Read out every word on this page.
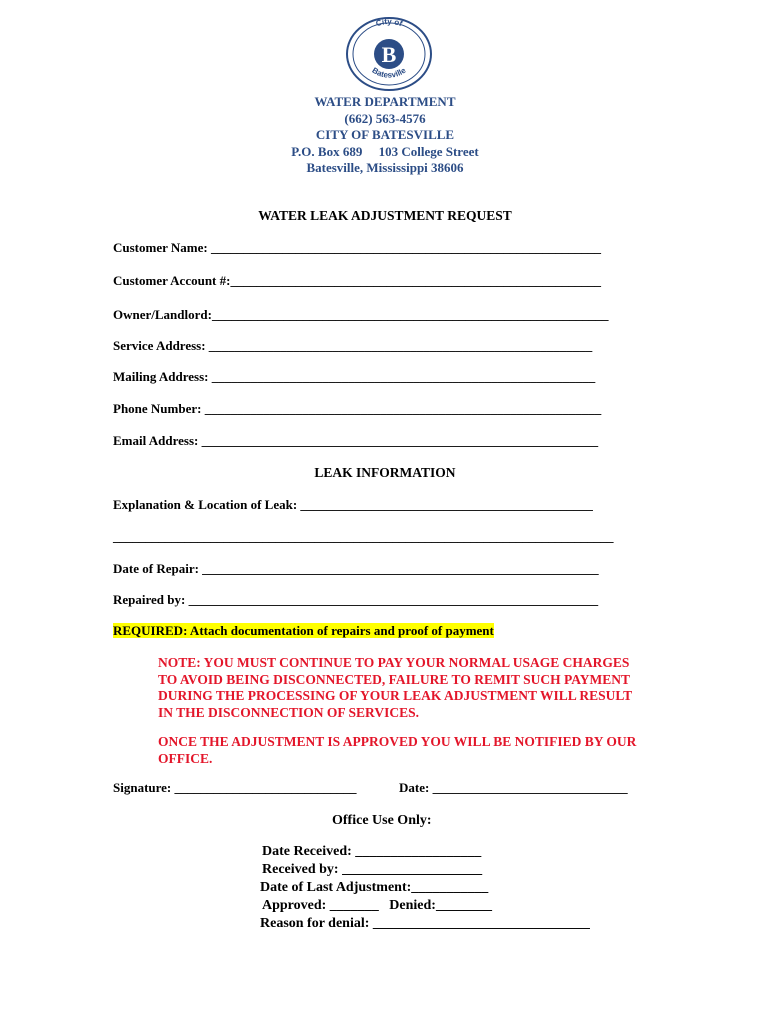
B
City of
Batesville
WATER DEPARTMENT
(662) 563-4576
CITY OF BATESVILLE
P.O. Box 689     103 College Street
Batesville, Mississippi 38606
WATER LEAK ADJUSTMENT REQUEST
Customer Name: ____________________________________________________________
Customer Account #:_________________________________________________________
Owner/Landlord:_____________________________________________________________
Service Address: ___________________________________________________________
Mailing Address: ___________________________________________________________
Phone Number: _____________________________________________________________
Email Address: _____________________________________________________________
LEAK INFORMATION
Explanation & Location of Leak: _____________________________________________
_____________________________________________________________________________
Date of Repair: _____________________________________________________________
Repaired by: _______________________________________________________________
REQUIRED: Attach documentation of repairs and proof of payment
NOTE: YOU MUST CONTINUE TO PAY YOUR NORMAL USAGE CHARGES
TO AVOID BEING DISCONNECTED, FAILURE TO REMIT SUCH PAYMENT
DURING THE PROCESSING OF YOUR LEAK ADJUSTMENT WILL RESULT
IN THE DISCONNECTION OF SERVICES.
ONCE THE ADJUSTMENT IS APPROVED YOU WILL BE NOTIFIED BY OUR
OFFICE.
Signature: ____________________________	Date: ______________________________
Office Use Only:
Date Received: __________________
Received by: ____________________
Date of Last Adjustment:___________
Approved: _______   Denied:________
Reason for denial: _______________________________
